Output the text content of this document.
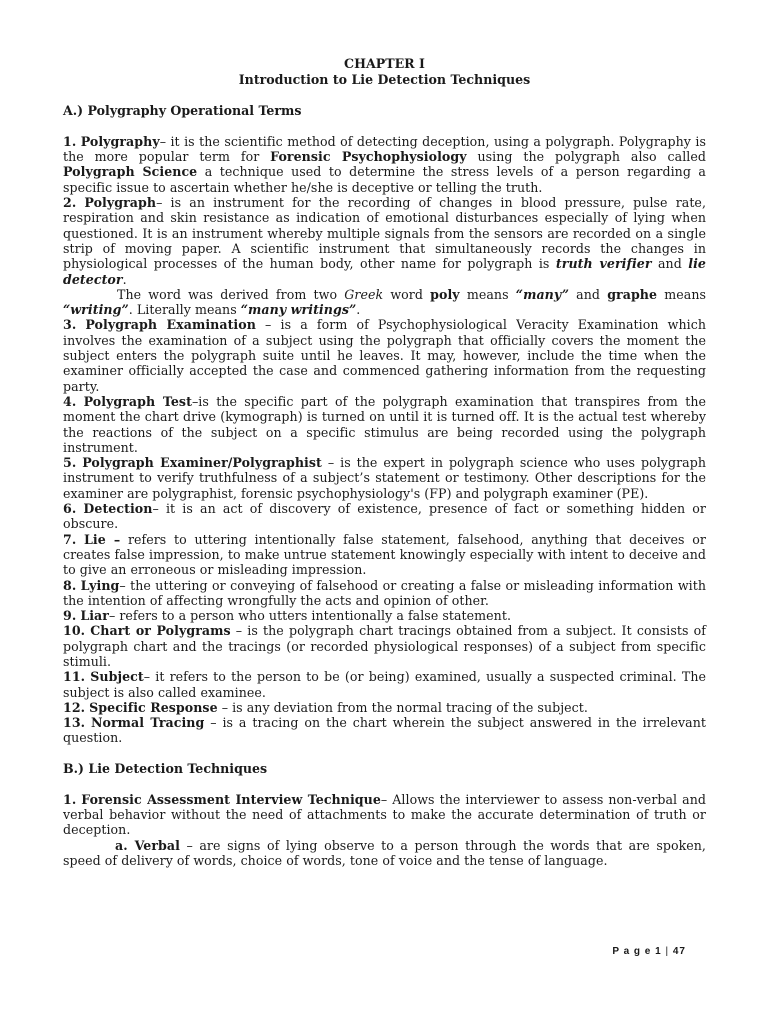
CHAPTER I

Introduction to Lie Detection Techniques

A.) Polygraphy Operational Terms

1. Polygraphy– it is the scientific method of detecting deception, using a polygraph. Polygraphy is the more popular term for Forensic Psychophysiology using the polygraph also called Polygraph Science a technique used to determine the stress levels of a person regarding a specific issue to ascertain whether he/she is deceptive or telling the truth.

2. Polygraph– is an instrument for the recording of changes in blood pressure, pulse rate, respiration and skin resistance as indication of emotional disturbances especially of lying when questioned. It is an instrument whereby multiple signals from the sensors are recorded on a single strip of moving paper. A scientific instrument that simultaneously records the changes in physiological processes of the human body, other name for polygraph is truth verifier and lie detector.

The word was derived from two Greek word poly means “many” and graphe means “writing”. Literally means “many writings”.

3. Polygraph Examination – is a form of Psychophysiological Veracity Examination which involves the examination of a subject using the polygraph that officially covers the moment the subject enters the polygraph suite until he leaves. It may, however, include the time when the examiner officially accepted the case and commenced gathering information from the requesting party.

4. Polygraph Test–is the specific part of the polygraph examination that transpires from the moment the chart drive (kymograph) is turned on until it is turned off. It is the actual test whereby the reactions of the subject on a specific stimulus are being recorded using the polygraph instrument.

5. Polygraph Examiner/Polygraphist – is the expert in polygraph science who uses polygraph instrument to verify truthfulness of a subject’s statement or testimony. Other descriptions for the examiner are polygraphist, forensic psychophysiology's (FP) and polygraph examiner (PE).

6. Detection– it is an act of discovery of existence, presence of fact or something hidden or obscure.

7. Lie – refers to uttering intentionally false statement, falsehood, anything that deceives or creates false impression, to make untrue statement knowingly especially with intent to deceive and to give an erroneous or misleading impression.

8. Lying– the uttering or conveying of falsehood or creating a false or misleading information with the intention of affecting wrongfully the acts and opinion of other.

9. Liar– refers to a person who utters intentionally a false statement.

10. Chart or Polygrams – is the polygraph chart tracings obtained from a subject. It consists of polygraph chart and the tracings (or recorded physiological responses) of a subject from specific stimuli.

11. Subject– it refers to the person to be (or being) examined, usually a suspected criminal. The subject is also called examinee.

12. Specific Response – is any deviation from the normal tracing of the subject.

13. Normal Tracing – is a tracing on the chart wherein the subject answered in the irrelevant question.

B.) Lie Detection Techniques

1. Forensic Assessment Interview Technique– Allows the interviewer to assess non-verbal and verbal behavior without the need of attachments to make the accurate determination of truth or deception.

a. Verbal – are signs of lying observe to a person through the words that are spoken, speed of delivery of words, choice of words, tone of voice and the tense of language.

P a g e 1 | 47
